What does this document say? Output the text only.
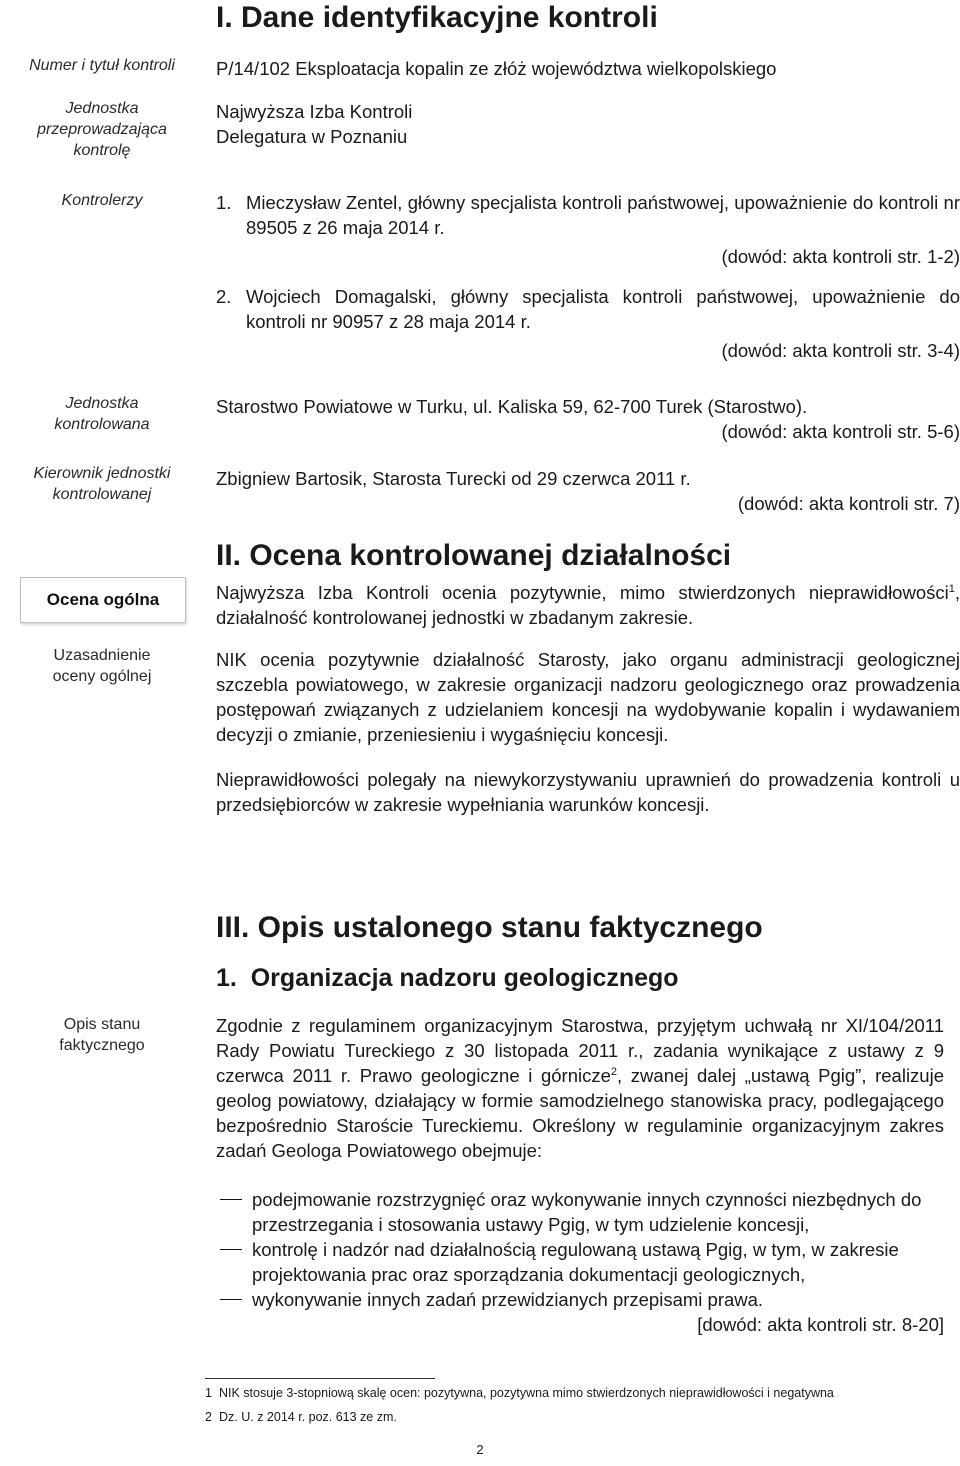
Numer i tytuł kontroli
Jednostka przeprowadzająca kontrolę
Kontrolerzy
Jednostka kontrolowana
Kierownik jednostki kontrolowanej
Ocena ogólna
Uzasadnienie oceny ogólnej
Opis stanu faktycznego
I. Dane identyfikacyjne kontroli
P/14/102 Eksploatacja kopalin ze złóż województwa wielkopolskiego
Najwyższa Izba Kontroli
Delegatura w Poznaniu
1. Mieczysław Zentel, główny specjalista kontroli państwowej, upoważnienie do kontroli nr 89505 z 26 maja 2014 r.
(dowód: akta kontroli str. 1-2)
2. Wojciech Domagalski, główny specjalista kontroli państwowej, upoważnienie do kontroli nr 90957 z 28 maja 2014 r.
(dowód: akta kontroli str. 3-4)
Starostwo Powiatowe w Turku, ul. Kaliska 59, 62-700 Turek (Starostwo).
(dowód: akta kontroli str. 5-6)
Zbigniew Bartosik, Starosta Turecki od 29 czerwca 2011 r.
(dowód: akta kontroli str. 7)
II. Ocena kontrolowanej działalności
Najwyższa Izba Kontroli ocenia pozytywnie, mimo stwierdzonych nieprawidłowości$^1$, działalność kontrolowanej jednostki w zbadanym zakresie.
NIK ocenia pozytywnie działalność Starosty, jako organu administracji geologicznej szczebla powiatowego, w zakresie organizacji nadzoru geologicznego oraz prowadzenia postępowań związanych z udzielaniem koncesji na wydobywanie kopalin i wydawaniem decyzji o zmianie, przeniesieniu i wygaśnięciu koncesji.
Nieprawidłowości polegały na niewykorzystywaniu uprawnień do prowadzenia kontroli u przedsiębiorców w zakresie wypełniania warunków koncesji.
III. Opis ustalonego stanu faktycznego
1.  Organizacja nadzoru geologicznego
Zgodnie z regulaminem organizacyjnym Starostwa, przyjętym uchwałą nr XI/104/2011 Rady Powiatu Tureckiego z 30 listopada 2011 r., zadania wynikające z ustawy z 9 czerwca 2011 r. Prawo geologiczne i górnicze$^2$, zwanej dalej „ustawą Pgig”, realizuje geolog powiatowy, działający w formie samodzielnego stanowiska pracy, podlegającego bezpośrednio Staroście Tureckiemu. Określony w regulaminie organizacyjnym zakres zadań Geologa Powiatowego obejmuje:
podejmowanie rozstrzygnięć oraz wykonywanie innych czynności niezbędnych do przestrzegania i stosowania ustawy Pgig, w tym udzielenie koncesji,
kontrolę i nadzór nad działalnością regulowaną ustawą Pgig, w tym, w zakresie projektowania prac oraz sporządzania dokumentacji geologicznych,
wykonywanie innych zadań przewidzianych przepisami prawa.
[dowód: akta kontroli str. 8-20]
1 NIK stosuje 3-stopniową skalę ocen: pozytywna, pozytywna mimo stwierdzonych nieprawidłowości i negatywna
2 Dz. U. z 2014 r. poz. 613 ze zm.
2
